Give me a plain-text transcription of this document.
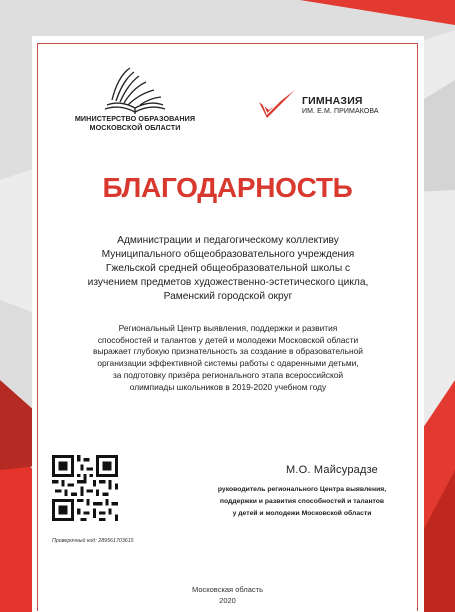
МИНИСТЕРСТВО ОБРАЗОВАНИЯ
МОСКОВСКОЙ ОБЛАСТИ
ГИМНАЗИЯ
ИМ. Е.М. ПРИМАКОВА
БЛАГОДАРНОСТЬ
Администрации и педагогическому коллективу
Муниципального общеобразовательного учреждения
Гжельской средней общеобразовательной школы с
изучением предметов художественно-эстетического цикла,
Раменский городской округ
Региональный Центр выявления, поддержки и развития
способностей и талантов у детей и молодежи Московской области
выражает глубокую признательность за создание в образовательной
организации эффективной системы работы с одаренными детьми,
за подготовку призёра регионального этапа всероссийской
олимпиады школьников в 2019-2020 учебном году
М.О. Майсурадзе
руководитель регионального Центра выявления,
поддержки и развития способностей и талантов
у детей и молодежи Московской области
Проверочный код: 289561703615
Московская область
2020
